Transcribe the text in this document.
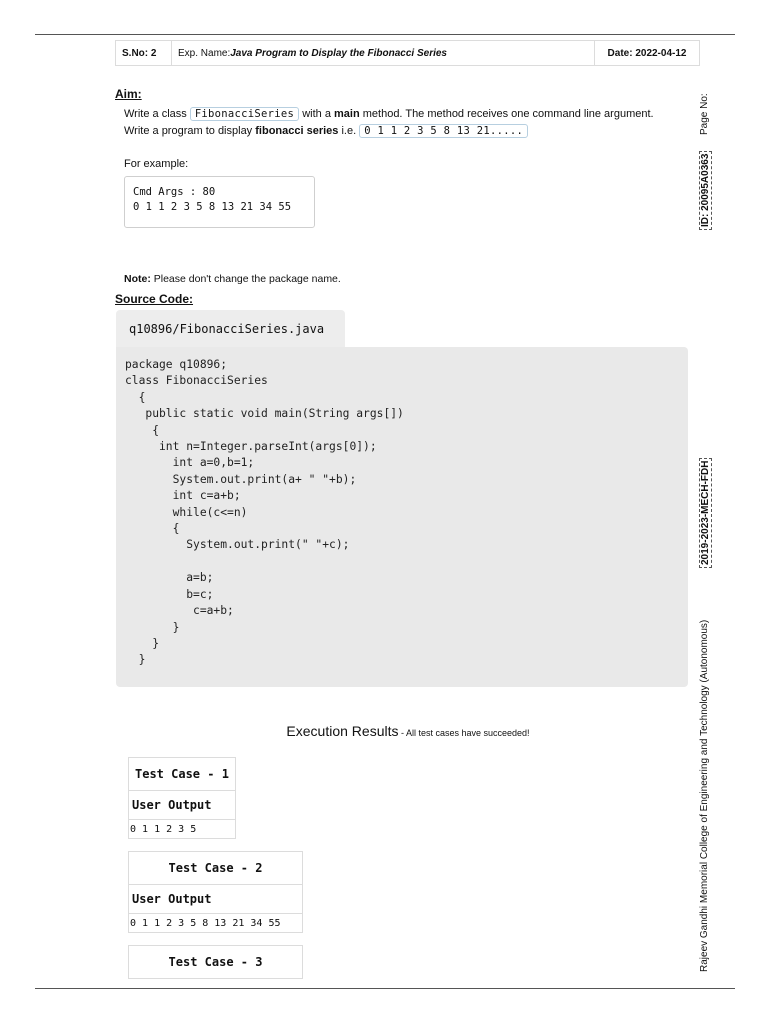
S.No: 2	Exp. Name: Java Program to Display the Fibonacci Series	Date: 2022-04-12
Aim:
Write a class FibonacciSeries with a main method. The method receives one command line argument.
Write a program to display fibonacci series i.e. 0 1 1 2 3 5 8 13 21.....
For example:
Cmd Args : 80
0 1 1 2 3 5 8 13 21 34 55
Note: Please don't change the package name.
Source Code:
q10896/FibonacciSeries.java
package q10896;
class FibonacciSeries
{
public static void main(String args[])
{
int n=Integer.parseInt(args[0]);
int a=0,b=1;
System.out.print(a+ " "+b);
int c=a+b;
while(c<=n)
{
System.out.print(" "+c);

a=b;
b=c;
c=a+b;
}
}
}
Execution Results - All test cases have succeeded!
Test Case - 1
User Output
0 1 1 2 3 5
Test Case - 2
User Output
0 1 1 2 3 5 8 13 21 34 55
Test Case - 3
Page No:
ID: 20095A0363
2019-2023-MECH-FDH
Rajeev Gandhi Memorial College of Engineering and Technology (Autonomous)
